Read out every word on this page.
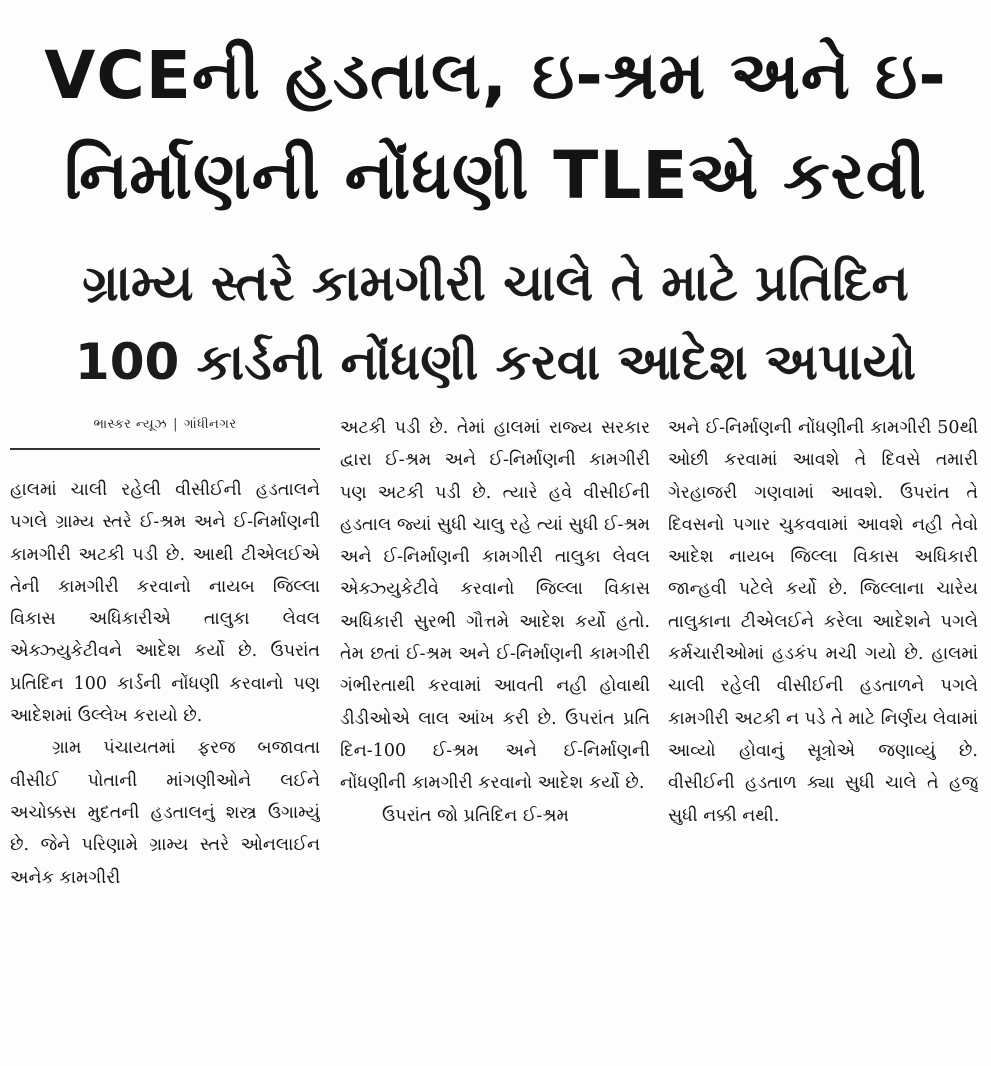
VCEની હડતાલ, ઇ-શ્રમ અને ઇ-
નિર્માણની નોંધણી TLEએ કરવી
ગ્રામ્ય સ્તરે કામગીરી ચાલે તે માટે પ્રતિદિન
100 કાર્ડની નોંધણી કરવા આદેશ અપાયો
ભાસ્કર ન્યૂઝ | ગાંધીનગર

હાલમાં ચાલી રહેલી વીસીઈની હડતાલને પગલે ગ્રામ્ય સ્તરે ઈ-શ્રમ અને ઈ-નિર્માણની કામગીરી અટકી પડી છે. આથી ટીએલઈએ તેની કામગીરી કરવાનો નાયબ જિલ્લા વિકાસ અધિકારીએ તાલુકા લેવલ એક્ઝ્યુકેટીવને આદેશ કર્યો છે. ઉપરાંત પ્રતિદિન 100 કાર્ડની નોંધણી કરવાનો પણ આદેશમાં ઉલ્લેખ કરાયો છે.

ગ્રામ પંચાયતમાં ફરજ બજાવતા વીસીઈ પોતાની માંગણીઓને લઈને અચોક્કસ મુદતની હડતાલનું શસ્ત્ર ઉગામ્યું છે. જેને પરિણામે ગ્રામ્ય સ્તરે ઓનલાઈન અનેક કામગીરી

અટકી પડી છે. તેમાં હાલમાં રાજ્ય સરકાર દ્વારા ઈ-શ્રમ અને ઈ-નિર્માણની કામગીરી પણ અટકી પડી છે. ત્યારે હવે વીસીઈની હડતાલ જ્યાં સુધી ચાલુ રહે ત્યાં સુધી ઈ-શ્રમ અને ઈ-નિર્માણની કામગીરી તાલુકા લેવલ એક્ઝ્યુકેટીવે કરવાનો જિલ્લા વિકાસ અધિકારી સુરભી ગૌત્તમે આદેશ કર્યો હતો. તેમ છતાં ઈ-શ્રમ અને ઈ-નિર્માણની કામગીરી ગંભીરતાથી કરવામાં આવતી નહી હોવાથી ડીડીઓએ લાલ આંખ કરી છે. ઉપરાંત પ્રતિ દિન-100 ઈ-શ્રમ અને ઈ-નિર્માણની નોંધણીની કામગીરી કરવાનો આદેશ કર્યો છે.

ઉપરાંત જો પ્રતિદિન ઈ-શ્રમ

અને ઈ-નિર્માણની નોંધણીની કામગીરી 50થી ઓછી કરવામાં આવશે તે દિવસે તમારી ગેરહાજરી ગણવામાં આવશે. ઉપરાંત તે દિવસનો પગાર ચુકવવામાં આવશે નહી તેવો આદેશ નાયબ જિલ્લા વિકાસ અધિકારી જાન્હવી પટેલે કર્યો છે. જિલ્લાના ચારેય તાલુકાના ટીએલઈને કરેલા આદેશને પગલે કર્મચારીઓમાં હડકંપ મચી ગયો છે. હાલમાં ચાલી રહેલી વીસીઈની હડતાળને પગલે કામગીરી અટકી ન પડે તે માટે નિર્ણય લેવામાં આવ્યો હોવાનું સૂત્રોએ જણાવ્યું છે. વીસીઈની હડતાળ ક્યા સુધી ચાલે તે હજુ સુધી નક્કી નથી.
